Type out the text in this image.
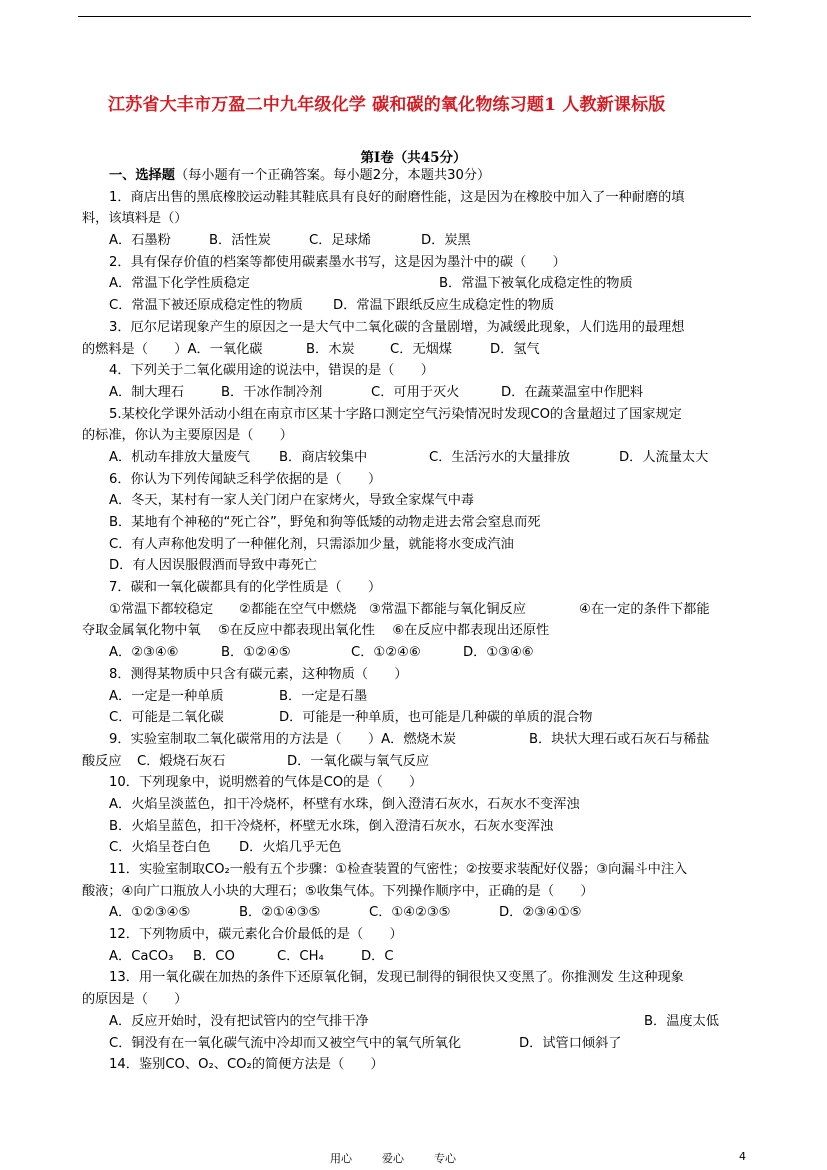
江苏省大丰市万盈二中九年级化学 碳和碳的氧化物练习题1 人教新课标版
第Ⅰ卷（共45分）
一、选择题（每小题有一个正确答案。每小题2分，本题共30分）
1．商店出售的黑底橡胶运动鞋其鞋底具有良好的耐磨性能，这是因为在橡胶中加入了一种耐磨的填
料，该填料是（）
A．石墨粉	B．活性炭	C．足球烯	D．炭黑
2．具有保存价值的档案等都使用碳素墨水书写，这是因为墨汁中的碳（　　）
A．常温下化学性质稳定	B．常温下被氧化成稳定性的物质
C．常温下被还原成稳定性的物质 D．常温下跟纸反应生成稳定性的物质
3．厄尔尼诺现象产生的原因之一是大气中二氧化碳的含量剧增，为减缓此现象，人们选用的最理想
的燃料是（　　）A．一氧化碳	B．木炭	C．无烟煤	D．氢气
4．下列关于二氧化碳用途的说法中，错误的是（　　）
A．制大理石	B．干冰作制冷剂	C．可用于灭火	D．在蔬菜温室中作肥料
5.某校化学课外活动小组在南京市区某十字路口测定空气污染情况时发现CO的含量超过了国家规定
的标准，你认为主要原因是（　　）
A．机动车排放大量废气 B．商店较集中	C．生活污水的大量排放	D．人流量太大
6．你认为下列传闻缺乏科学依据的是（　　）
A．冬天，某村有一家人关门闭户在家烤火，导致全家煤气中毒
B．某地有个神秘的“死亡谷”，野兔和狗等低矮的动物走进去常会窒息而死
C．有人声称他发明了一种催化剂，只需添加少量，就能将水变成汽油
D．有人因误服假酒而导致中毒死亡
7．碳和一氧化碳都具有的化学性质是（　　）
①常温下都较稳定 ②都能在空气中燃烧 ③常温下都能与氧化铜反应	④在一定的条件下都能
夺取金属氧化物中氧　 ⑤在反应中都表现出氧化性　 ⑥在反应中都表现出还原性
A．②③④⑥	B．①②④⑤	C．①②④⑥	D．①③④⑥
8．测得某物质中只含有碳元素，这种物质（　　）
A．一定是一种单质	B．一定是石墨
C．可能是二氧化碳	D．可能是一种单质，也可能是几种碳的单质的混合物
9．实验室制取二氧化碳常用的方法是（　　）A．燃烧木炭	B．块状大理石或石灰石与稀盐
酸反应 C．煅烧石灰石	D．一氧化碳与氧气反应
10．下列现象中，说明燃着的气体是CO的是（　　）
A．火焰呈淡蓝色，扣干冷烧杯，杯壁有水珠，倒入澄清石灰水，石灰水不变浑浊
B．火焰呈蓝色，扣干冷烧杯，杯壁无水珠，倒入澄清石灰水，石灰水变浑浊
C．火焰呈苍白色 D．火焰几乎无色
11．实验室制取CO₂一般有五个步骤：①检查装置的气密性；②按要求装配好仪器；③向漏斗中注入
酸液；④向广口瓶放人小块的大理石；⑤收集气体。下列操作顺序中，正确的是（　　）
A．①②③④⑤	B．②①④③⑤	C．①④②③⑤	D．②③④①⑤
12．下列物质中，碳元素化合价最低的是（　　）
A．CaCO₃ B．CO	C．CH₄	D．C
13．用一氧化碳在加热的条件下还原氧化铜，发现已制得的铜很快又变黑了。你推测发 生这种现象
的原因是（　　）
A．反应开始时，没有把试管内的空气排干净	B．温度太低
C．铜没有在一氧化碳气流中冷却而又被空气中的氧气所氧化	D．试管口倾斜了
14．鉴别CO、O₂、CO₂的简便方法是（　　）
用心	爱心	专心	4
